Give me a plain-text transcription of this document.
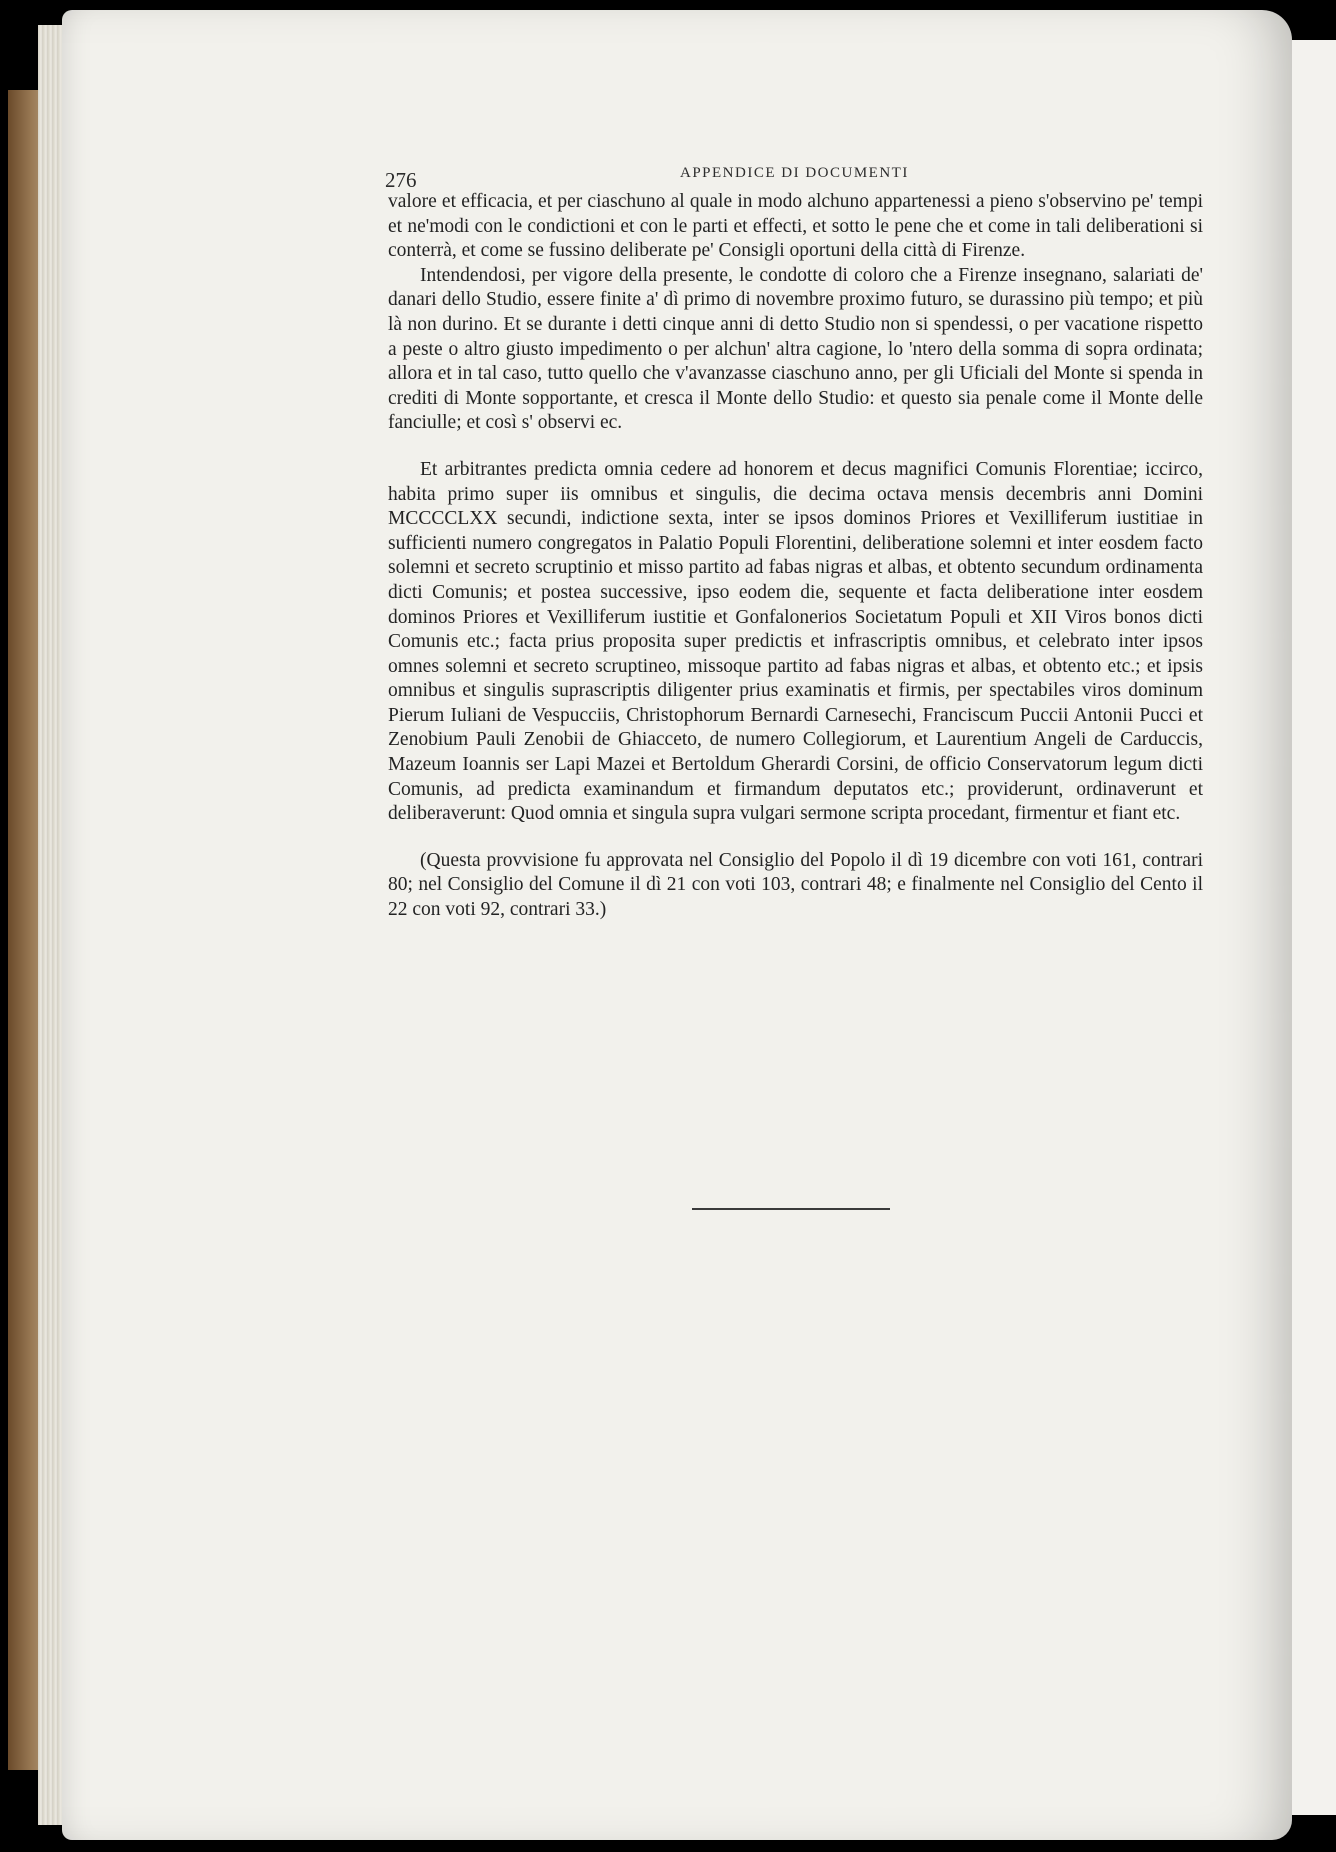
276	APPENDICE DI DOCUMENTI

valore et efficacia, et per ciaschuno al quale in modo alchuno appartenessi a pieno s'observino pe' tempi et ne'modi con le condictioni et con le parti et effecti, et sotto le pene che et come in tali deliberationi si conterrà, et come se fussino deliberate pe' Consigli oportuni della città di Firenze.

Intendendosi, per vigore della presente, le condotte di coloro che a Firenze insegnano, salariati de' danari dello Studio, essere finite a' dì primo di novembre proximo futuro, se durassino più tempo; et più là non durino. Et se durante i detti cinque anni di detto Studio non si spendessi, o per vacatione rispetto a peste o altro giusto impedimento o per alchun' altra cagione, lo 'ntero della somma di sopra ordinata; allora et in tal caso, tutto quello che v'avanzasse ciaschuno anno, per gli Uficiali del Monte si spenda in crediti di Monte sopportante, et cresca il Monte dello Studio: et questo sia penale come il Monte delle fanciulle; et così s' observi ec.

Et arbitrantes predicta omnia cedere ad honorem et decus magnifici Comunis Florentiae; iccirco, habita primo super iis omnibus et singulis, die decima octava mensis decembris anni Domini MCCCCLXX secundi, indictione sexta, inter se ipsos dominos Priores et Vexilliferum iustitiae in sufficienti numero congregatos in Palatio Populi Florentini, deliberatione solemni et inter eosdem facto solemni et secreto scruptinio et misso partito ad fabas nigras et albas, et obtento secundum ordinamenta dicti Comunis; et postea successive, ipso eodem die, sequente et facta deliberatione inter eosdem dominos Priores et Vexilliferum iustitie et Gonfalonerios Societatum Populi et XII Viros bonos dicti Comunis etc.; facta prius proposita super predictis et infrascriptis omnibus, et celebrato inter ipsos omnes solemni et secreto scruptineo, missoque partito ad fabas nigras et albas, et obtento etc.; et ipsis omnibus et singulis suprascriptis diligenter prius examinatis et firmis, per spectabiles viros dominum Pierum Iuliani de Vespucciis, Christophorum Bernardi Carnesechi, Franciscum Puccii Antonii Pucci et Zenobium Pauli Zenobii de Ghiacceto, de numero Collegiorum, et Laurentium Angeli de Carduccis, Mazeum Ioannis ser Lapi Mazei et Bertoldum Gherardi Corsini, de officio Conservatorum legum dicti Comunis, ad predicta examinandum et firmandum deputatos etc.; providerunt, ordinaverunt et deliberaverunt: Quod omnia et singula supra vulgari sermone scripta procedant, firmentur et fiant etc.

(Questa provvisione fu approvata nel Consiglio del Popolo il dì 19 dicembre con voti 161, contrari 80; nel Consiglio del Comune il dì 21 con voti 103, contrari 48; e finalmente nel Consiglio del Cento il 22 con voti 92, contrari 33.)
